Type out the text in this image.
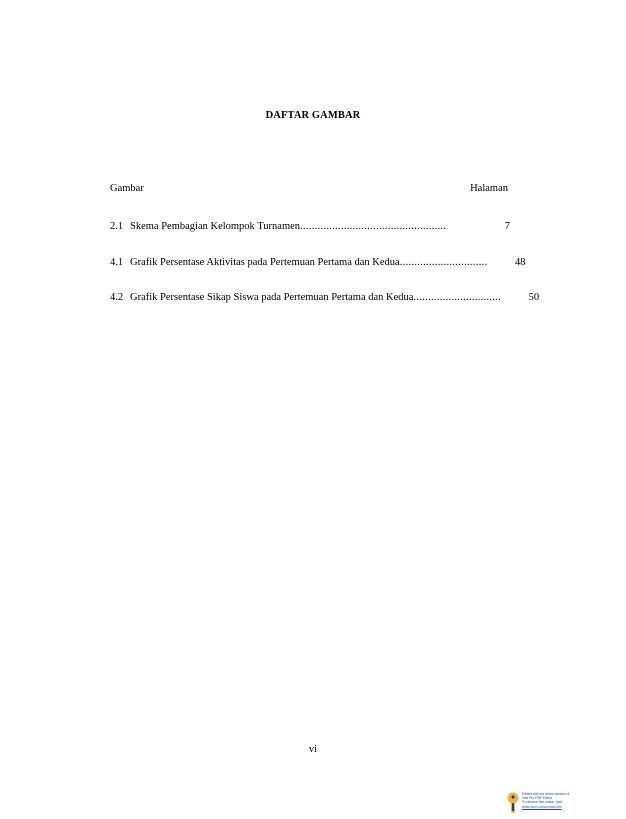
DAFTAR GAMBAR
Gambar	Halaman
2.1 Skema Pembagian Kelompok Turnamen ..................................................	7
4.1 Grafik Persentase Aktivitas pada Pertemuan Pertama dan Kedua ..............................	48
4.2 Grafik Persentase Sikap Siswa pada Pertemuan Pertama dan Kedua ..............................	50
vi
Edited with the demo version of
Infix Pro PDF Editor
To remove this notice, visit:
www.iceni.com/unlock.htm
